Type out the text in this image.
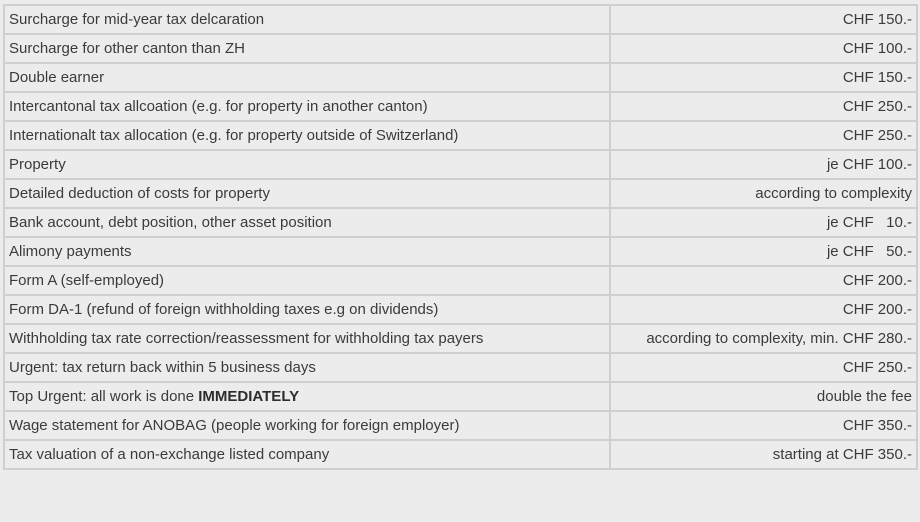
Surcharge for mid-year tax delcaration	CHF 150.-
Surcharge for other canton than ZH	CHF 100.-
Double earner	CHF 150.-
Intercantonal tax allcoation (e.g. for property in another canton)	CHF 250.-
Internationalt tax allocation (e.g. for property outside of Switzerland)	CHF 250.-
Property	je CHF 100.-
Detailed deduction of costs for property	according to complexity
Bank account, debt position, other asset position	je CHF   10.-
Alimony payments	je CHF   50.-
Form A (self-employed)	CHF 200.-
Form DA-1 (refund of foreign withholding taxes e.g on dividends)	CHF 200.-
Withholding tax rate correction/reassessment for withholding tax payers	according to complexity, min. CHF 280.-
Urgent: tax return back within 5 business days	CHF 250.-
Top Urgent: all work is done IMMEDIATELY	double the fee
Wage statement for ANOBAG (people working for foreign employer)	CHF 350.-
Tax valuation of a non-exchange listed company	starting at CHF 350.-
